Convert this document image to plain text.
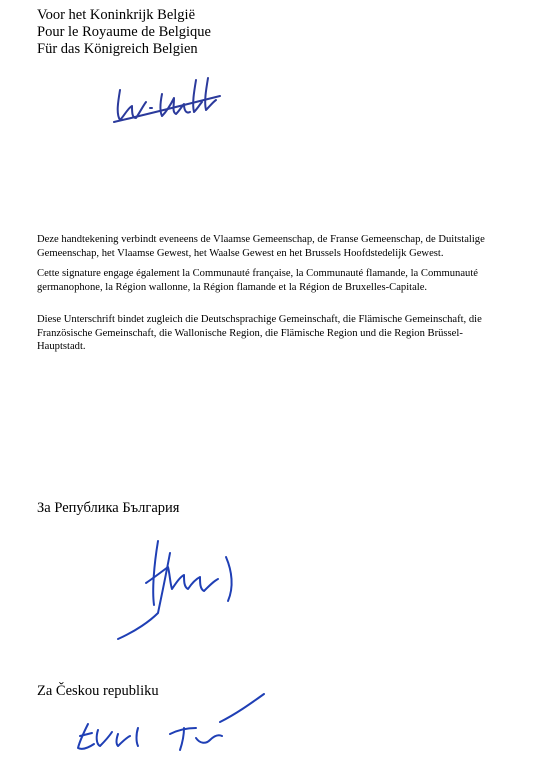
Voor het Koninkrijk België
Pour le Royaume de Belgique
Für das Königreich Belgien
Deze handtekening verbindt eveneens de Vlaamse Gemeenschap, de Franse Gemeenschap, de Duitstalige Gemeenschap, het Vlaamse Gewest, het Waalse Gewest en het Brussels Hoofdstedelijk Gewest.
Cette signature engage également la Communauté française, la Communauté flamande, la Communauté germanophone, la Région wallonne, la Région flamande et la Région de Bruxelles-Capitale.
Diese Unterschrift bindet zugleich die Deutschsprachige Gemeinschaft, die Flämische Gemeinschaft, die Französische Gemeinschaft, die Wallonische Region, die Flämische Region und die Region Brüssel-Hauptstadt.
За Република България
Za Českou republiku
